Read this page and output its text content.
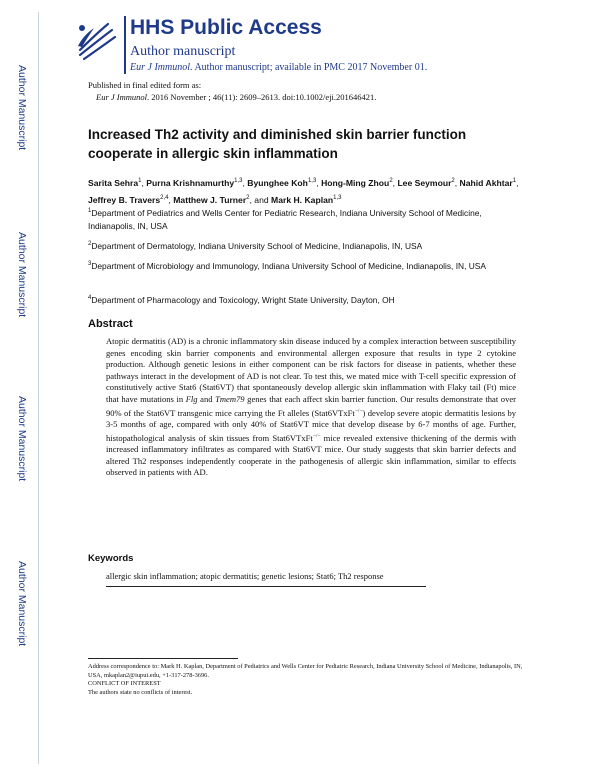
Author Manuscript
Author Manuscript
Author Manuscript
Author Manuscript
HHS Public Access
Author manuscript
Eur J Immunol. Author manuscript; available in PMC 2017 November 01.
Published in final edited form as:
Eur J Immunol. 2016 November ; 46(11): 2609–2613. doi:10.1002/eji.201646421.
Increased Th2 activity and diminished skin barrier function cooperate in allergic skin inflammation
Sarita Sehra$^1$, Purna Krishnamurthy$^{1,3}$, Byunghee Koh$^{1,3}$, Hong-Ming Zhou$^2$, Lee Seymour$^2$, Nahid Akhtar$^1$, Jeffrey B. Travers$^{2,4}$, Matthew J. Turner$^2$, and Mark H. Kaplan$^{1,3}$
$^1$Department of Pediatrics and Wells Center for Pediatric Research, Indiana University School of Medicine, Indianapolis, IN, USA
$^2$Department of Dermatology, Indiana University School of Medicine, Indianapolis, IN, USA
$^3$Department of Microbiology and Immunology, Indiana University School of Medicine, Indianapolis, IN, USA
$^4$Department of Pharmacology and Toxicology, Wright State University, Dayton, OH
Abstract

Atopic dermatitis (AD) is a chronic inflammatory skin disease induced by a complex interaction between susceptibility genes encoding skin barrier components and environmental allergen exposure that results in type 2 cytokine production. Although genetic lesions in either component can be risk factors for disease in patients, whether these pathways interact in the development of AD is not clear. To test this, we mated mice with T-cell specific expression of constitutively active Stat6 (Stat6VT) that spontaneously develop allergic skin inflammation with Flaky tail (Ft) mice that have mutations in Flg and Tmem79 genes that each affect skin barrier function. Our results demonstrate that over 90% of the Stat6VT transgenic mice carrying the Ft alleles (Stat6VTxFt−/−) develop severe atopic dermatitis lesions by 3-5 months of age, compared with only 40% of Stat6VT mice that develop disease by 6-7 months of age. Further, histopathological analysis of skin tissues from Stat6VTxFt−/− mice revealed extensive thickening of the dermis with increased inflammatory infiltrates as compared with Stat6VT mice. Our study suggests that skin barrier defects and altered Th2 responses independently cooperate in the pathogenesis of allergic skin inflammation, similar to effects observed in patients with AD.

Keywords
allergic skin inflammation; atopic dermatitis; genetic lesions; Stat6; Th2 response
Address correspondence to: Mark H. Kaplan, Department of Pediatrics and Wells Center for Pediatric Research, Indiana University School of Medicine, Indianapolis, IN, USA, mkaplan2@iupui.edu, +1-317-278-3696.
CONFLICT OF INTEREST
The authors state no conflicts of interest.
